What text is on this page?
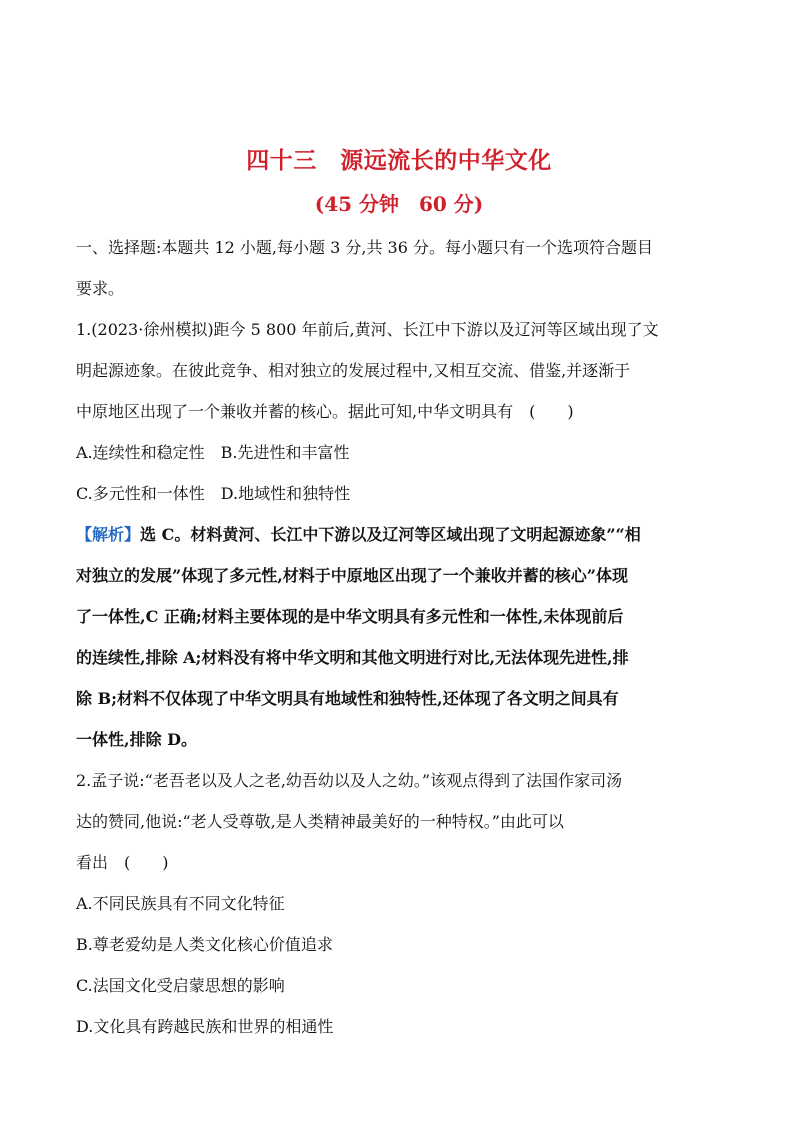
四十三　源远流长的中华文化
(45 分钟　60 分)
一、选择题:本题共 12 小题,每小题 3 分,共 36 分。每小题只有一个选项符合题目
要求。
1.(2023·徐州模拟)距今 5 800 年前后,黄河、长江中下游以及辽河等区域出现了文
明起源迹象。在彼此竞争、相对独立的发展过程中,又相互交流、借鉴,并逐渐于
中原地区出现了一个兼收并蓄的核心。据此可知,中华文明具有　(　　)
A.连续性和稳定性 B.先进性和丰富性
C.多元性和一体性 D.地域性和独特性
【解析】选 C。材料黄河、长江中下游以及辽河等区域出现了文明起源迹象”“相
对独立的发展”体现了多元性,材料于中原地区出现了一个兼收并蓄的核心”体现
了一体性,C 正确;材料主要体现的是中华文明具有多元性和一体性,未体现前后
的连续性,排除 A;材料没有将中华文明和其他文明进行对比,无法体现先进性,排
除 B;材料不仅体现了中华文明具有地域性和独特性,还体现了各文明之间具有
一体性,排除 D。
2.孟子说:“老吾老以及人之老,幼吾幼以及人之幼。”该观点得到了法国作家司汤
达的赞同,他说:“老人受尊敬,是人类精神最美好的一种特权。”由此可以
看出　(　　)
A.不同民族具有不同文化特征
B.尊老爱幼是人类文化核心价值追求
C.法国文化受启蒙思想的影响
D.文化具有跨越民族和世界的相通性
